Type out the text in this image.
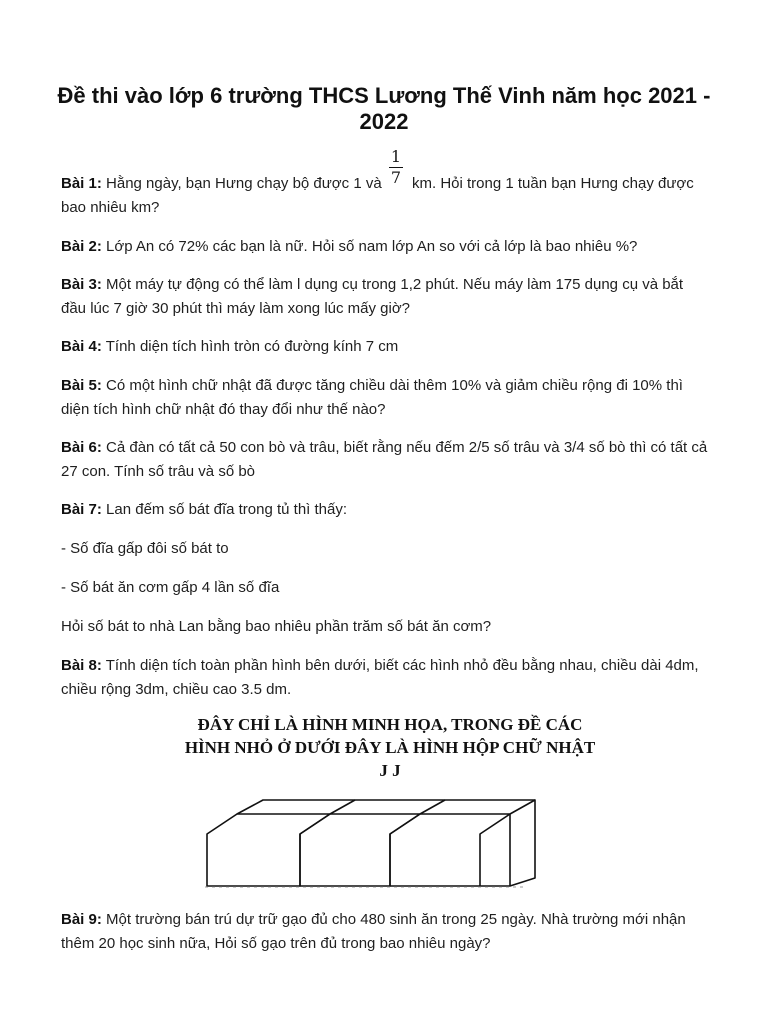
Đề thi vào lớp 6 trường THCS Lương Thế Vinh năm học 2021 - 2022

Bài 1: Hằng ngày, bạn Hưng chạy bộ được 1 và  km. Hỏi trong 1 tuần bạn Hưng chạy được bao nhiêu km?

1
7

Bài 2: Lớp An có 72% các bạn là nữ. Hỏi số nam lớp An so với cả lớp là bao nhiêu %?

Bài 3: Một máy tự động có thể làm l dụng cụ trong 1,2 phút. Nếu máy làm 175 dụng cụ và bắt đầu lúc 7 giờ 30 phút thì máy làm xong lúc mấy giờ?

Bài 4: Tính diện tích hình tròn có đường kính 7 cm

Bài 5: Có một hình chữ nhật đã được tăng chiều dài thêm 10% và giảm chiều rộng đi 10% thì diện tích hình chữ nhật đó thay đổi như thế nào?

Bài 6: Cả đàn có tất cả 50 con bò và trâu, biết rằng nếu đếm 2/5 số trâu và 3/4 số bò thì có tất cả 27 con. Tính số trâu và số bò

Bài 7: Lan đếm số bát đĩa trong tủ thì thấy:

- Số đĩa gấp đôi số bát to

- Số bát ăn cơm gấp 4 lần số đĩa

Hỏi số bát to nhà Lan bằng bao nhiêu phần trăm số bát ăn cơm?

Bài 8: Tính diện tích toàn phần hình bên dưới, biết các hình nhỏ đều bằng nhau, chiều dài 4dm, chiều rộng 3dm, chiều cao 3.5 dm.

ĐÂY CHỈ LÀ HÌNH MINH HỌA, TRONG ĐỀ CÁC HÌNH NHỎ Ở DƯỚI ĐÂY LÀ HÌNH HỘP CHỮ NHẬT J J

Bài 9: Một trường bán trú dự trữ gạo đủ cho 480 sinh ăn trong 25 ngày. Nhà trường mới nhận thêm 20 học sinh nữa, Hỏi số gạo trên đủ trong bao nhiêu ngày?
